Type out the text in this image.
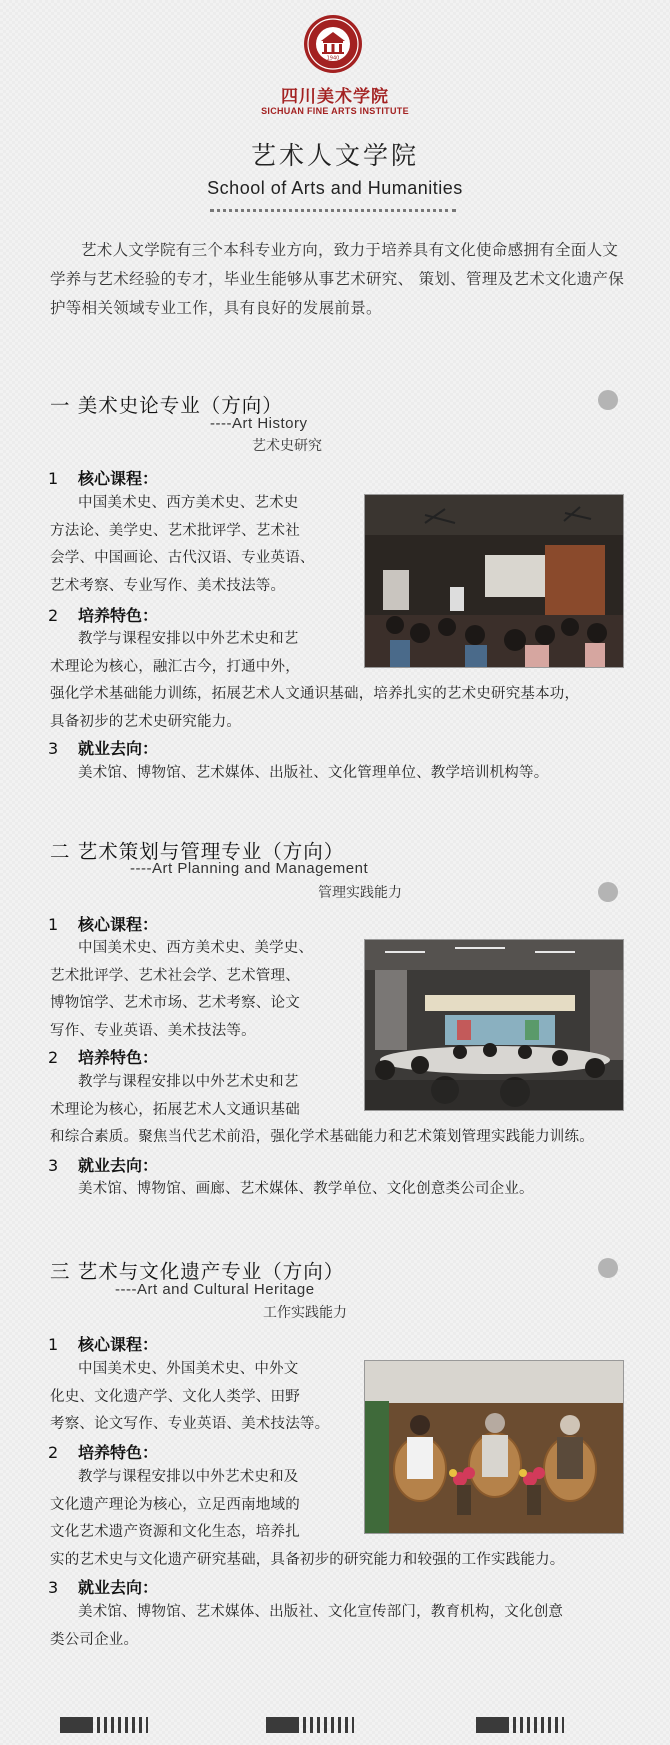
1940
四川美术学院
SICHUAN FINE ARTS INSTITUTE
艺术人文学院
School of Arts and Humanities
艺术人文学院有三个本科专业方向，致力于培养具有文化使命感拥有全面人文学养与艺术经验的专才，毕业生能够从事艺术研究、 策划、管理及艺术文化遗产保护等相关领域专业工作，具有良好的发展前景。
一 美术史论专业（方向）
----Art History
艺术史研究
1 核心课程：
中国美术史、西方美术史、艺术史
方法论、美学史、艺术批评学、艺术社
会学、中国画论、古代汉语、专业英语、
艺术考察、专业写作、美术技法等。
2 培养特色：
教学与课程安排以中外艺术史和艺
术理论为核心，融汇古今，打通中外，
强化学术基础能力训练，拓展艺术人文通识基础，培养扎实的艺术史研究基本功，
具备初步的艺术史研究能力。
3 就业去向：
美术馆、博物馆、艺术媒体、出版社、文化管理单位、教学培训机构等。
二 艺术策划与管理专业（方向）
----Art Planning and Management
管理实践能力
1 核心课程：
中国美术史、西方美术史、美学史、
艺术批评学、艺术社会学、艺术管理、
博物馆学、艺术市场、艺术考察、论文
写作、专业英语、美术技法等。
2 培养特色：
教学与课程安排以中外艺术史和艺
术理论为核心，拓展艺术人文通识基础
和综合素质。聚焦当代艺术前沿，强化学术基础能力和艺术策划管理实践能力训练。
3 就业去向：
美术馆、博物馆、画廊、艺术媒体、教学单位、文化创意类公司企业。
三 艺术与文化遗产专业（方向）
----Art and Cultural Heritage
工作实践能力
1 核心课程：
中国美术史、外国美术史、中外文
化史、文化遗产学、文化人类学、田野
考察、论文写作、专业英语、美术技法等。
2 培养特色：
教学与课程安排以中外艺术史和及
文化遗产理论为核心，立足西南地域的
文化艺术遗产资源和文化生态，培养扎
实的艺术史与文化遗产研究基础，具备初步的研究能力和较强的工作实践能力。
3 就业去向：
美术馆、博物馆、艺术媒体、出版社、文化宣传部门，教育机构，文化创意
类公司企业。
